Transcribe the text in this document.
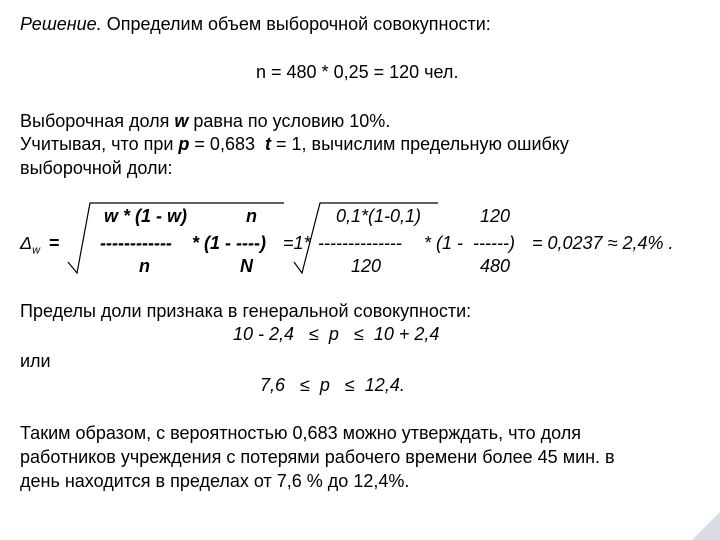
Решение. Определим объем выборочной совокупности:
n = 480 * 0,25 = 120 чел.
Выборочная доля w равна по условию 10%.
Учитывая, что при p = 0,683  t = 1, вычислим предельную ошибку
выборочной доли:
w * (1 - w)	n	0,1*(1-0,1)	120
$\Delta_w$ = ------------ * (1 - ----) =1* -------------- * (1 -  ------) = 0,0237 ≈ 2,4% .
n	N	120	480
Пределы доли признака в генеральной совокупности:
10 - 2,4   ≤  p   ≤  10 + 2,4
или
7,6   ≤  p   ≤  12,4.
Таким образом, с вероятностью 0,683 можно утверждать, что доля
работников учреждения с потерями рабочего времени более 45 мин. в
день находится в пределах от 7,6 % до 12,4%.
